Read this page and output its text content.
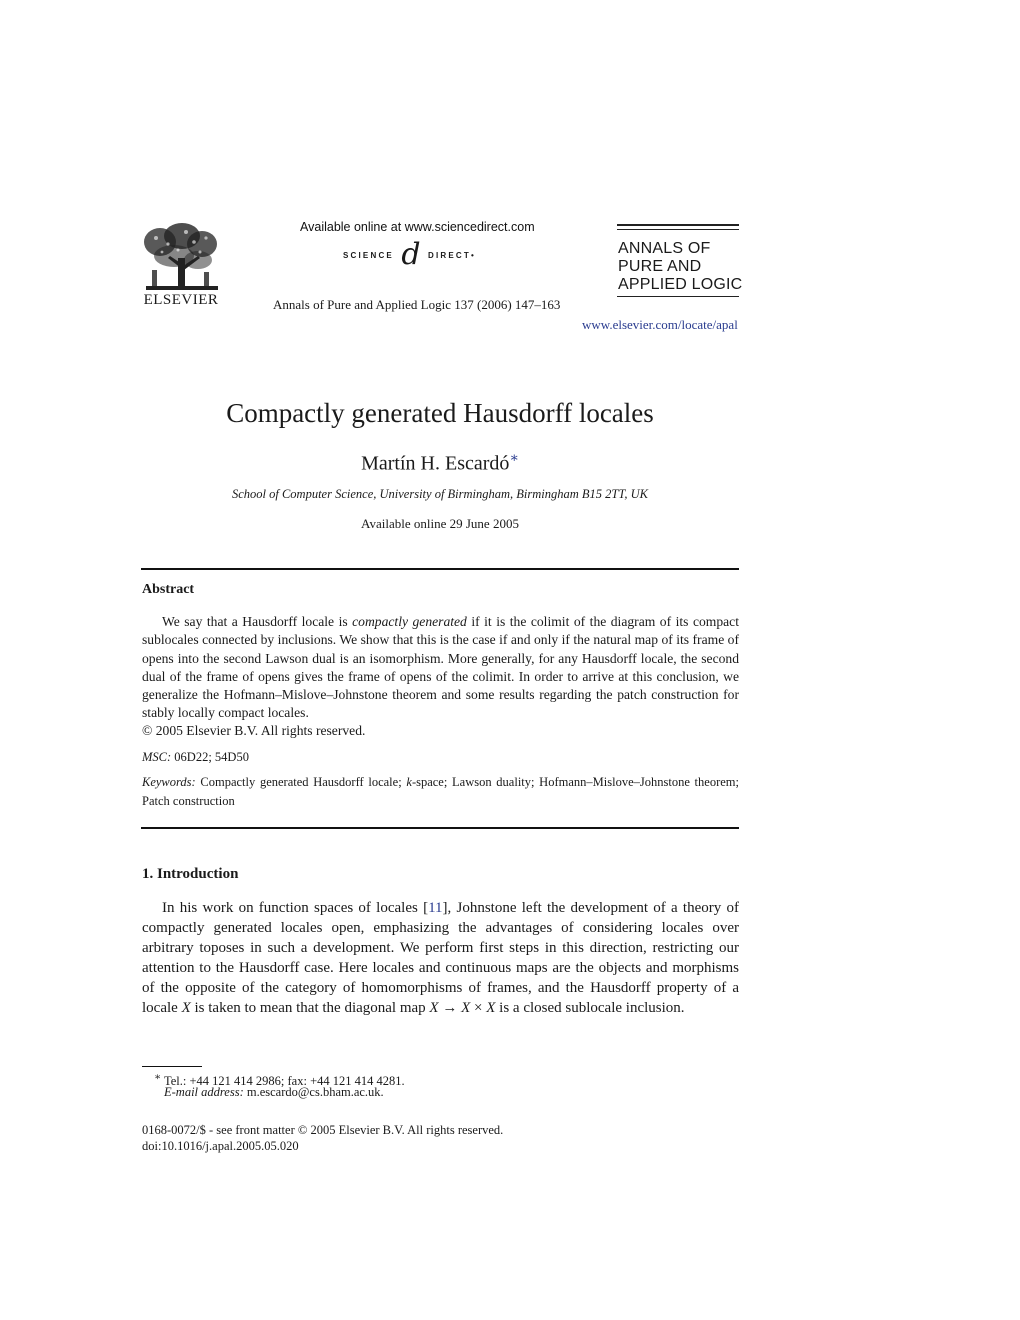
ELSEVIER
Available online at www.sciencedirect.com
SCIENCE d DIRECT •
Annals of Pure and Applied Logic 137 (2006) 147–163
ANNALS OF
PURE AND
APPLIED LOGIC
www.elsevier.com/locate/apal
Compactly generated Hausdorff locales
Martín H. Escardó∗
School of Computer Science, University of Birmingham, Birmingham B15 2TT, UK
Available online 29 June 2005
Abstract

We say that a Hausdorff locale is compactly generated if it is the colimit of the diagram of its compact sublocales connected by inclusions. We show that this is the case if and only if the natural map of its frame of opens into the second Lawson dual is an isomorphism. More generally, for any Hausdorff locale, the second dual of the frame of opens gives the frame of opens of the colimit. In order to arrive at this conclusion, we generalize the Hofmann–Mislove–Johnstone theorem and some results regarding the patch construction for stably locally compact locales.

© 2005 Elsevier B.V. All rights reserved.
MSC: 06D22; 54D50
Keywords: Compactly generated Hausdorff locale; k-space; Lawson duality; Hofmann–Mislove–Johnstone theorem; Patch construction
1. Introduction

In his work on function spaces of locales [11], Johnstone left the development of a theory of compactly generated locales open, emphasizing the advantages of considering locales over arbitrary toposes in such a development. We perform first steps in this direction, restricting our attention to the Hausdorff case. Here locales and continuous maps are the objects and morphisms of the opposite of the category of homomorphisms of frames, and the Hausdorff property of a locale X is taken to mean that the diagonal map X → X × X is a closed sublocale inclusion.

∗ Tel.: +44 121 414 2986; fax: +44 121 414 4281.
E-mail address: m.escardo@cs.bham.ac.uk.
0168-0072/$ - see front matter © 2005 Elsevier B.V. All rights reserved.
doi:10.1016/j.apal.2005.05.020
